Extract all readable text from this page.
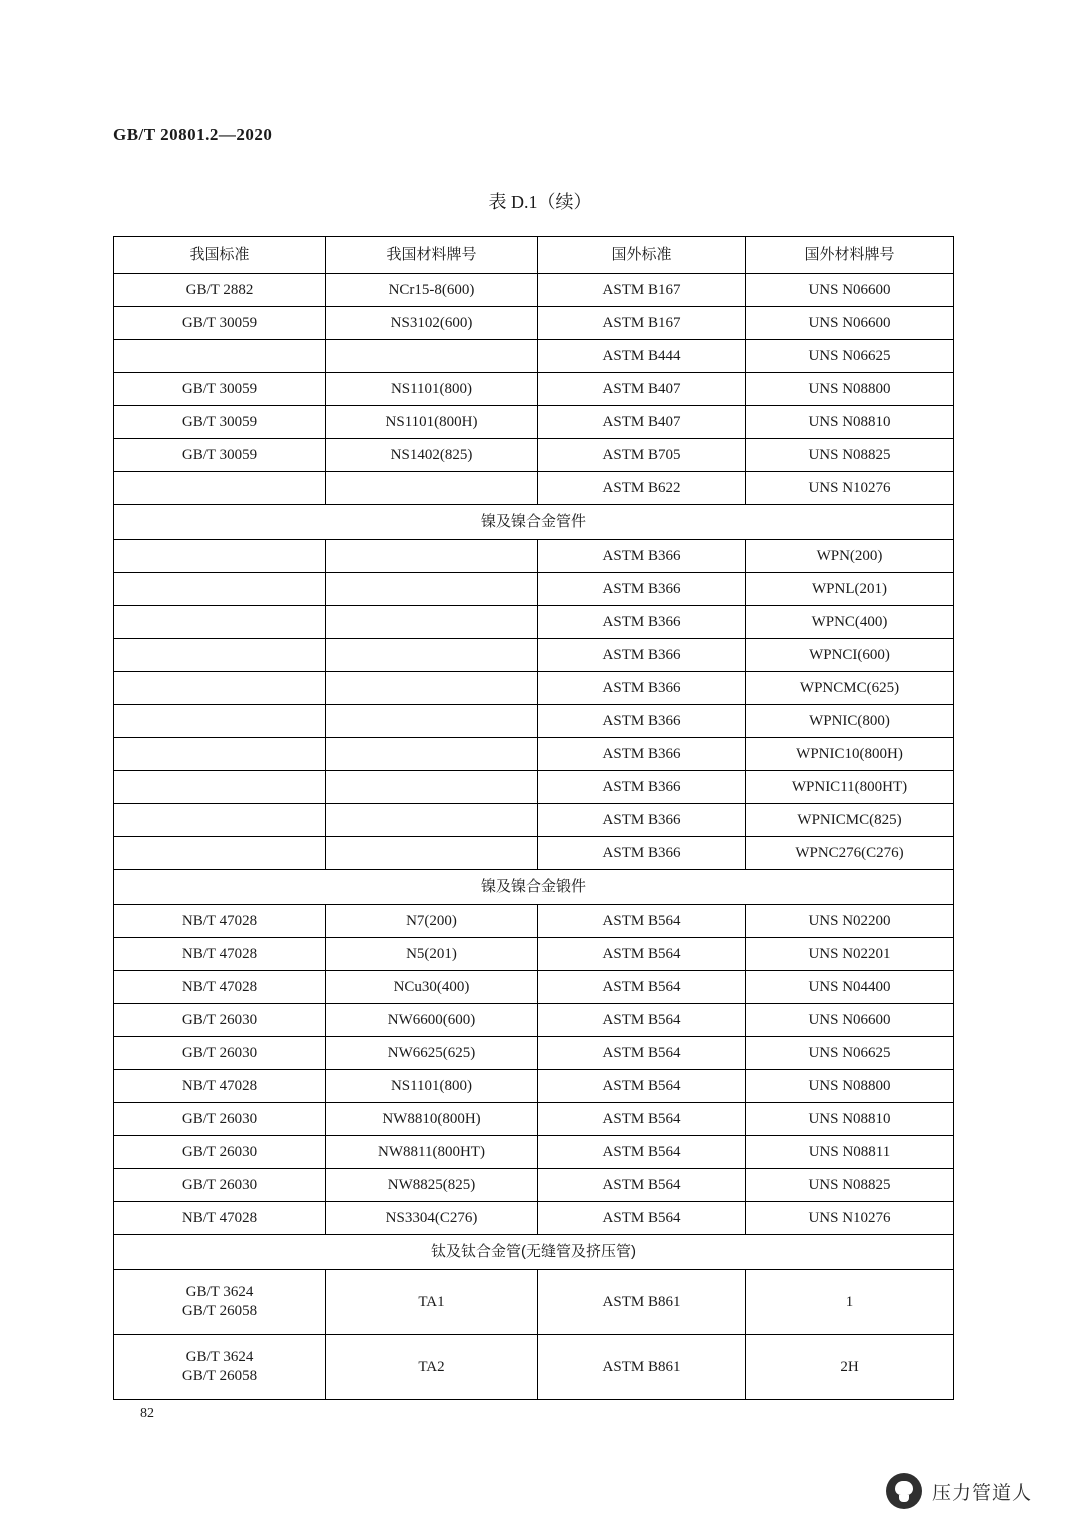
GB/T 20801.2—2020
表 D.1（续）
我国标准	我国材料牌号	国外标准	国外材料牌号
GB/T 2882	NCr15-8(600)	ASTM B167	UNS N06600
GB/T 30059	NS3102(600)	ASTM B167	UNS N06600
		ASTM B444	UNS N06625
GB/T 30059	NS1101(800)	ASTM B407	UNS N08800
GB/T 30059	NS1101(800H)	ASTM B407	UNS N08810
GB/T 30059	NS1402(825)	ASTM B705	UNS N08825
		ASTM B622	UNS N10276
镍及镍合金管件			
		ASTM B366	WPN(200)
		ASTM B366	WPNL(201)
		ASTM B366	WPNC(400)
		ASTM B366	WPNCI(600)
		ASTM B366	WPNCMC(625)
		ASTM B366	WPNIC(800)
		ASTM B366	WPNIC10(800H)
		ASTM B366	WPNIC11(800HT)
		ASTM B366	WPNICMC(825)
		ASTM B366	WPNC276(C276)
镍及镍合金锻件			
NB/T 47028	N7(200)	ASTM B564	UNS N02200
NB/T 47028	N5(201)	ASTM B564	UNS N02201
NB/T 47028	NCu30(400)	ASTM B564	UNS N04400
GB/T 26030	NW6600(600)	ASTM B564	UNS N06600
GB/T 26030	NW6625(625)	ASTM B564	UNS N06625
NB/T 47028	NS1101(800)	ASTM B564	UNS N08800
GB/T 26030	NW8810(800H)	ASTM B564	UNS N08810
GB/T 26030	NW8811(800HT)	ASTM B564	UNS N08811
GB/T 26030	NW8825(825)	ASTM B564	UNS N08825
NB/T 47028	NS3304(C276)	ASTM B564	UNS N10276
钛及钛合金管(无缝管及挤压管)			

GB/T 3624
GB/T 26058	TA1	ASTM B861	1

GB/T 3624
GB/T 26058	TA2	ASTM B861	2H
82
压力管道人
